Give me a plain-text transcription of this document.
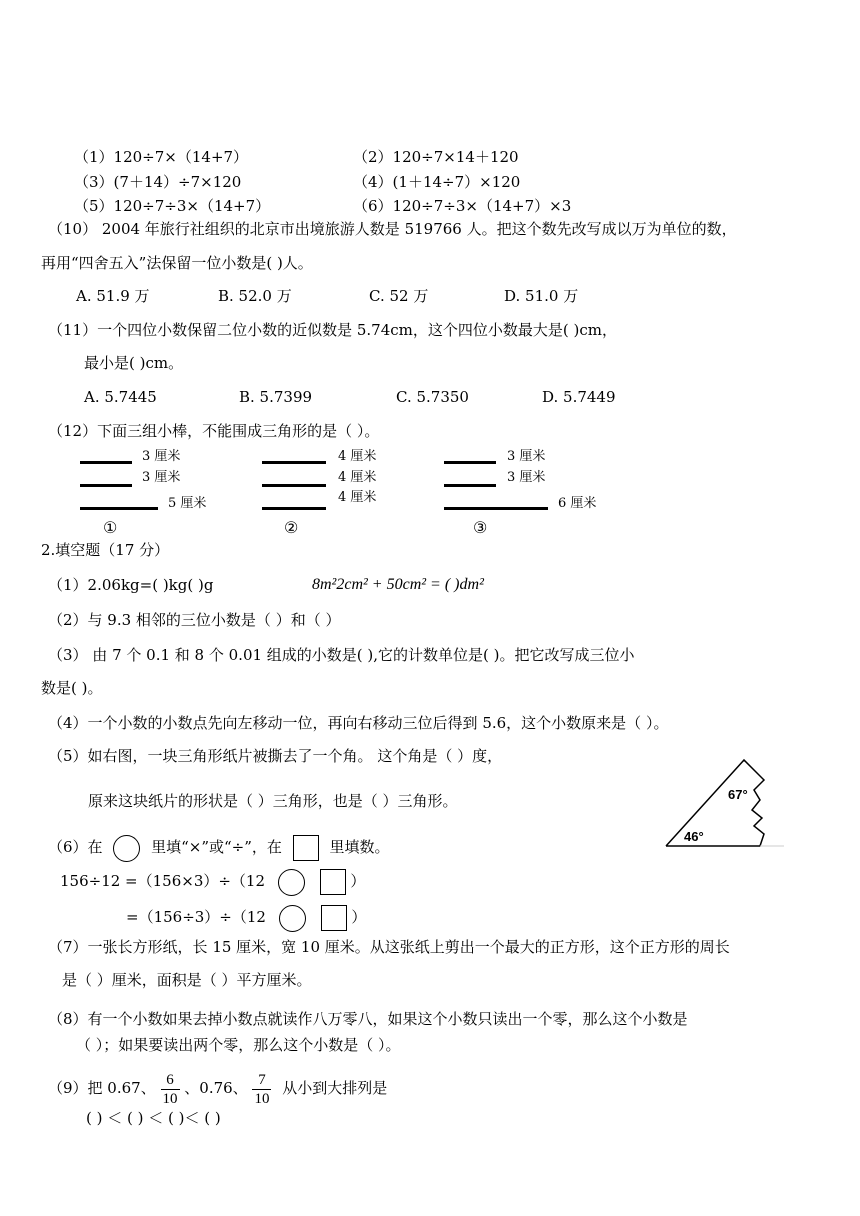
（1）120÷7×（14+7）	（2）120÷7×14＋120
（3）(7＋14）÷7×120	（4）(1＋14÷7）×120
（5）120÷7÷3×（14+7）	（6）120÷7÷3×（14+7）×3
（10） 2004 年旅行社组织的北京市出境旅游人数是 519766 人。把这个数先改写成以万为单位的数，
再用“四舍五入”法保留一位小数是( )人。
A. 51.9 万	B. 52.0 万	C. 52 万	D. 51.0 万
（11）一个四位小数保留二位小数的近似数是 5.74cm，这个四位小数最大是( )cm，
最小是( )cm。
A. 5.7445	B. 5.7399	C. 5.7350	D. 5.7449
（12）下面三组小棒，不能围成三角形的是（ ）。
3 厘米
3 厘米
5 厘米
①
4 厘米
4 厘米
4 厘米
②
3 厘米
3 厘米
6 厘米
③
2.填空题（17 分）
（1）2.06kg=( )kg( )g	8m²2cm² + 50cm² = ( )dm²
（2）与 9.3 相邻的三位小数是（ ）和（ ）
（3） 由 7 个 0.1 和 8 个 0.01 组成的小数是( ),它的计数单位是( )。把它改写成三位小
数是( )。
（4）一个小数的小数点先向左移动一位，再向右移动三位后得到 5.6，这个小数原来是（ ）。
（5）如右图，一块三角形纸片被撕去了一个角。 这个角是（ ）度，
原来这块纸片的形状是（ ）三角形，也是（ ）三角形。	67°
46°
（6）在	里填“×”或“÷”，在	里填数。
156÷12 =（156×3）÷（12	）
=（156÷3）÷（12	）
（7）一张长方形纸，长 15 厘米，宽 10 厘米。从这张纸上剪出一个最大的正方形，这个正方形的周长
是（ ）厘米，面积是（ ）平方厘米。
（8）有一个小数如果去掉小数点就读作八万零八，如果这个小数只读出一个零，那么这个小数是
（ ）；如果要读出两个零，那么这个小数是（ ）。
（9）把 0.67、 $\frac{6}{10}$ 、0.76、 $\frac{7}{10}$ 从小到大排列是
( ) ＜ ( ) ＜ ( )＜ ( )
